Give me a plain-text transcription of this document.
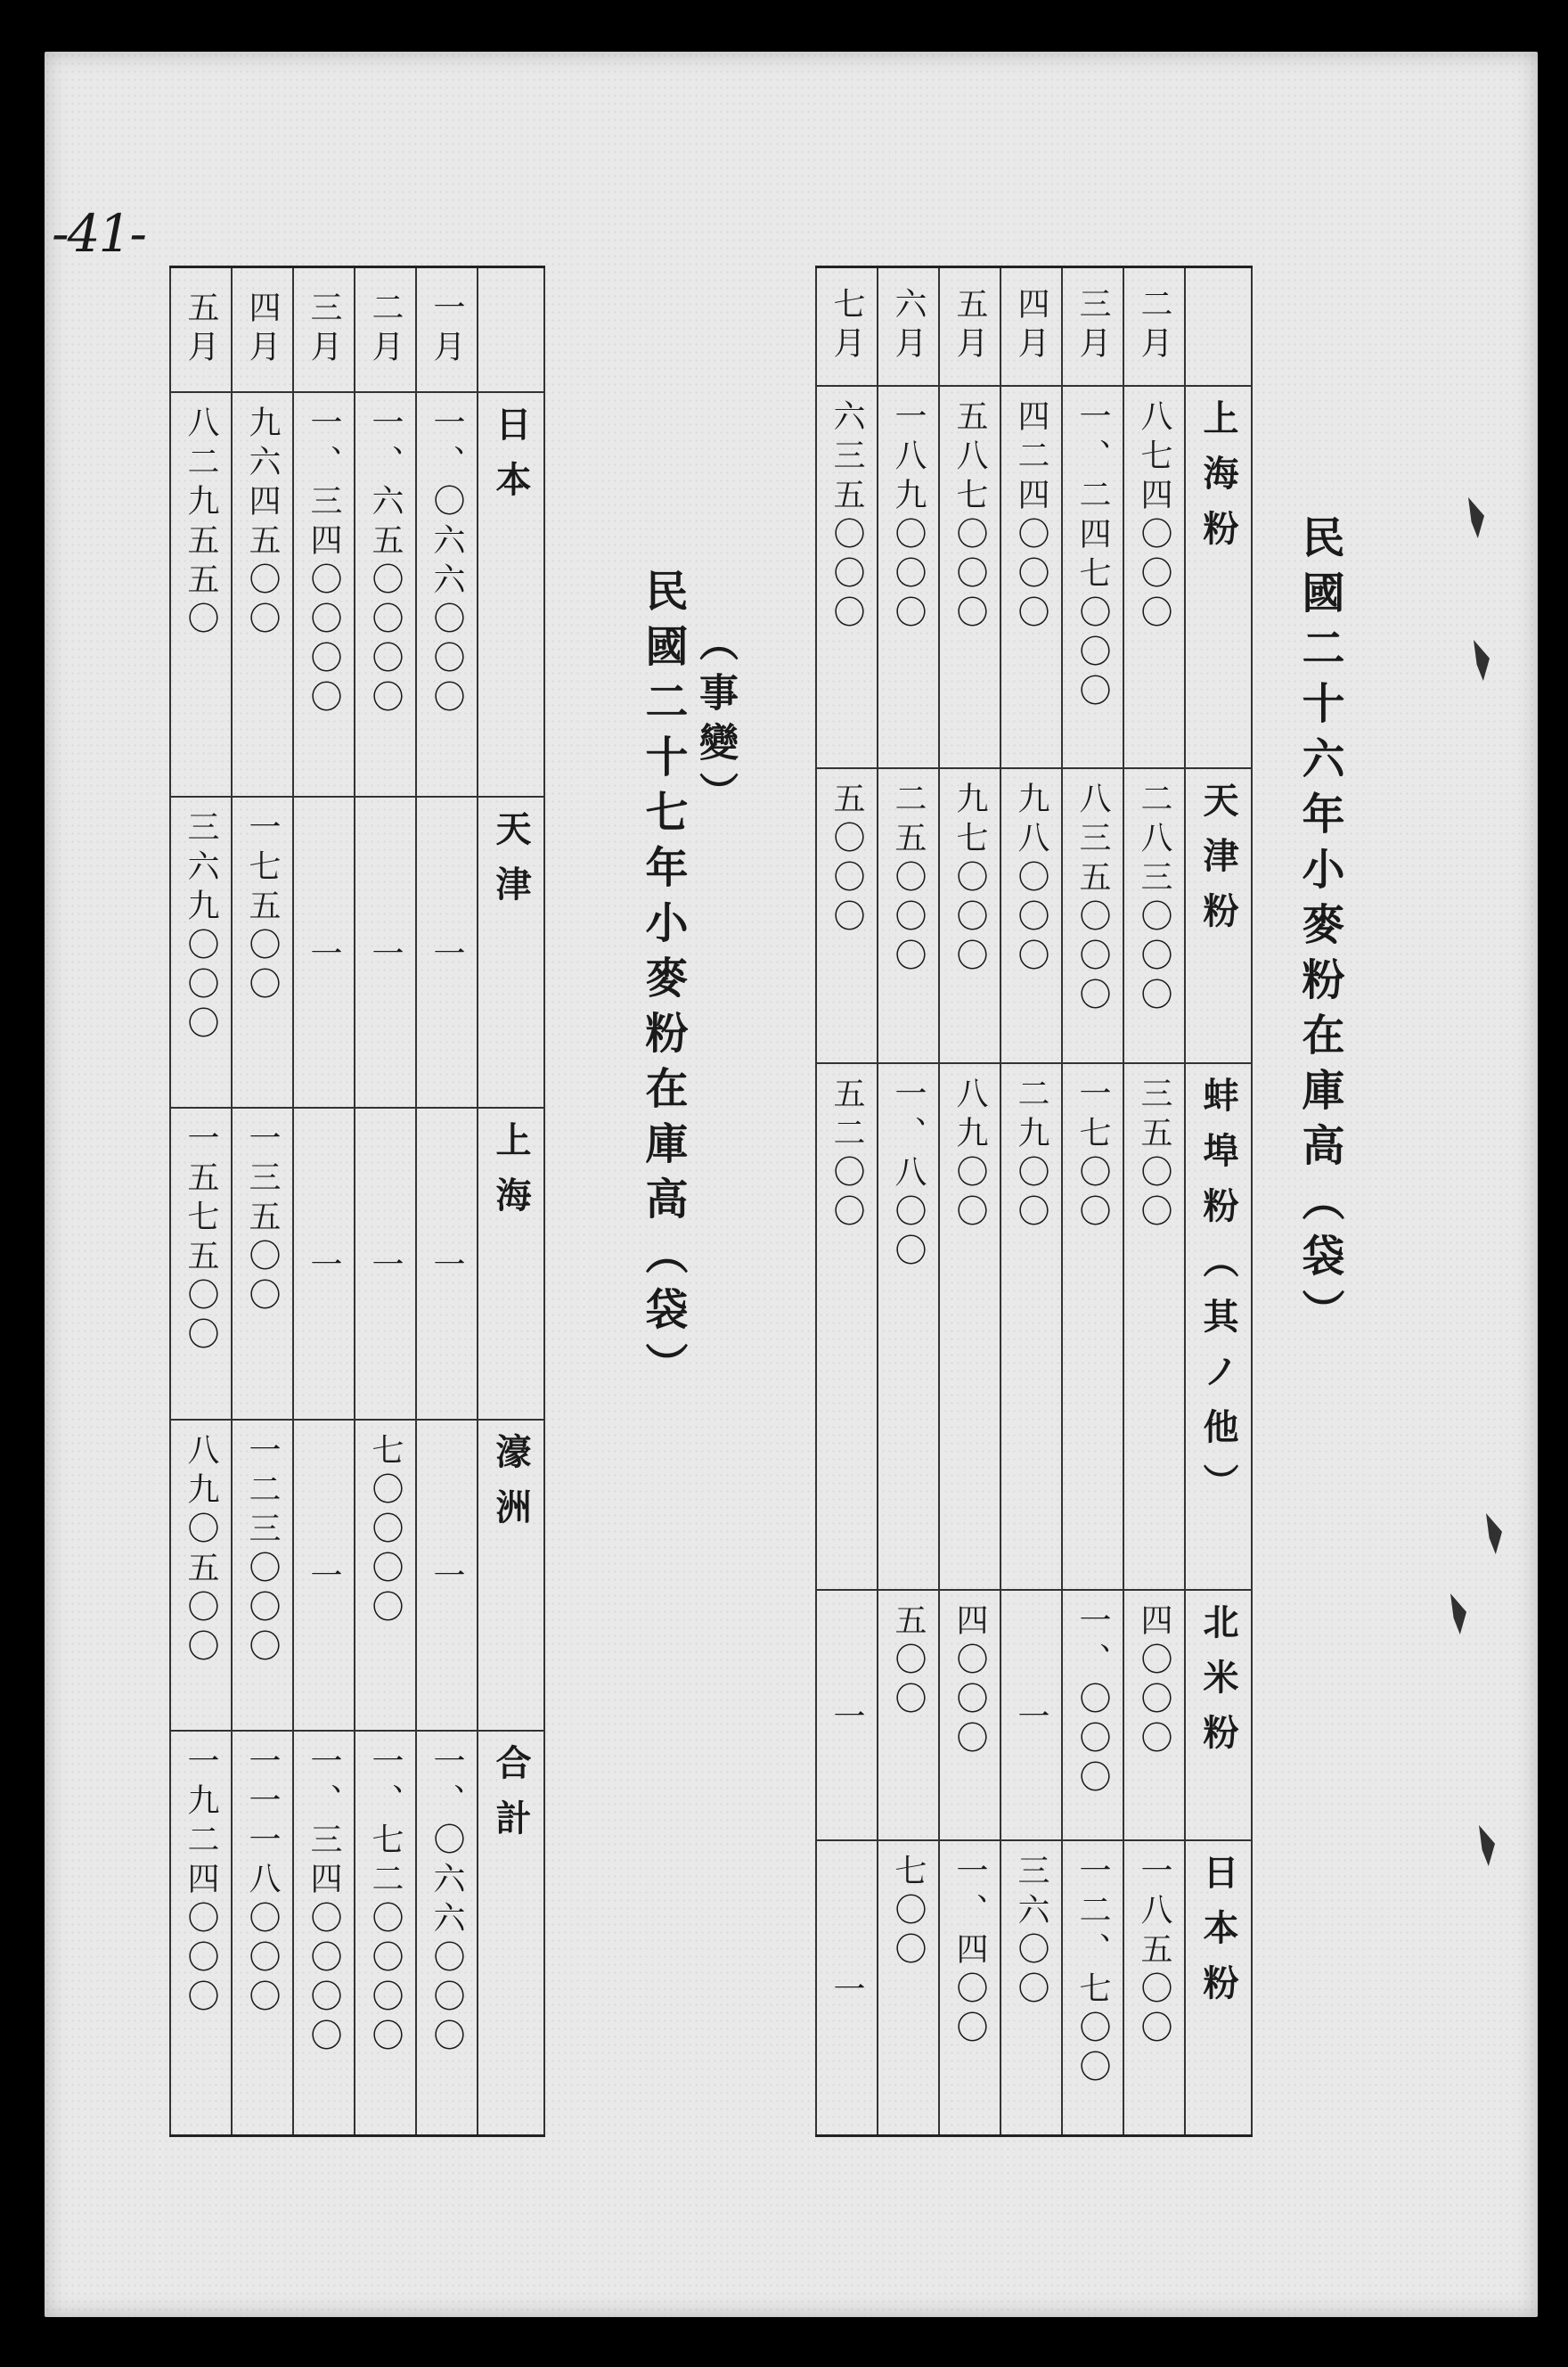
-41-
民國二十六年小麥粉在庫高（袋）
	上海粉	天津粉	蚌埠粉（其ノ他）	北米粉	日本粉
二月	八七四〇〇〇	二八三〇〇〇	三五〇〇	四〇〇〇	一八五〇〇
三月	一、二四七〇〇〇	八三五〇〇〇	一七〇〇	一、〇〇〇	一二、七〇〇
四月	四二四〇〇〇	九八〇〇〇	二九〇〇	一	三六〇〇
五月	五八七〇〇〇	九七〇〇〇	八九〇〇	四〇〇〇	一、四〇〇
六月	一八九〇〇〇	二五〇〇〇	一、八〇〇	五〇〇	七〇〇
七月	六三五〇〇〇	五〇〇〇	五二〇〇	一	一
民國二十七年小麥粉在庫高（袋） （事變）
	日本	天津	上海	濠洲	合計
一月	一、〇六六〇〇〇	一	一	一	一、〇六六〇〇〇
二月	一、六五〇〇〇〇	一	一	七〇〇〇〇	一、七二〇〇〇〇
三月	一、三四〇〇〇〇	一	一	一	一、三四〇〇〇〇
四月	九六四五〇〇	一七五〇〇	一三五〇〇	一二三〇〇〇	一一一八〇〇〇
五月	八二九五五〇	三六九〇〇〇	一五七五〇〇	八九〇五〇〇	一九二四〇〇〇
